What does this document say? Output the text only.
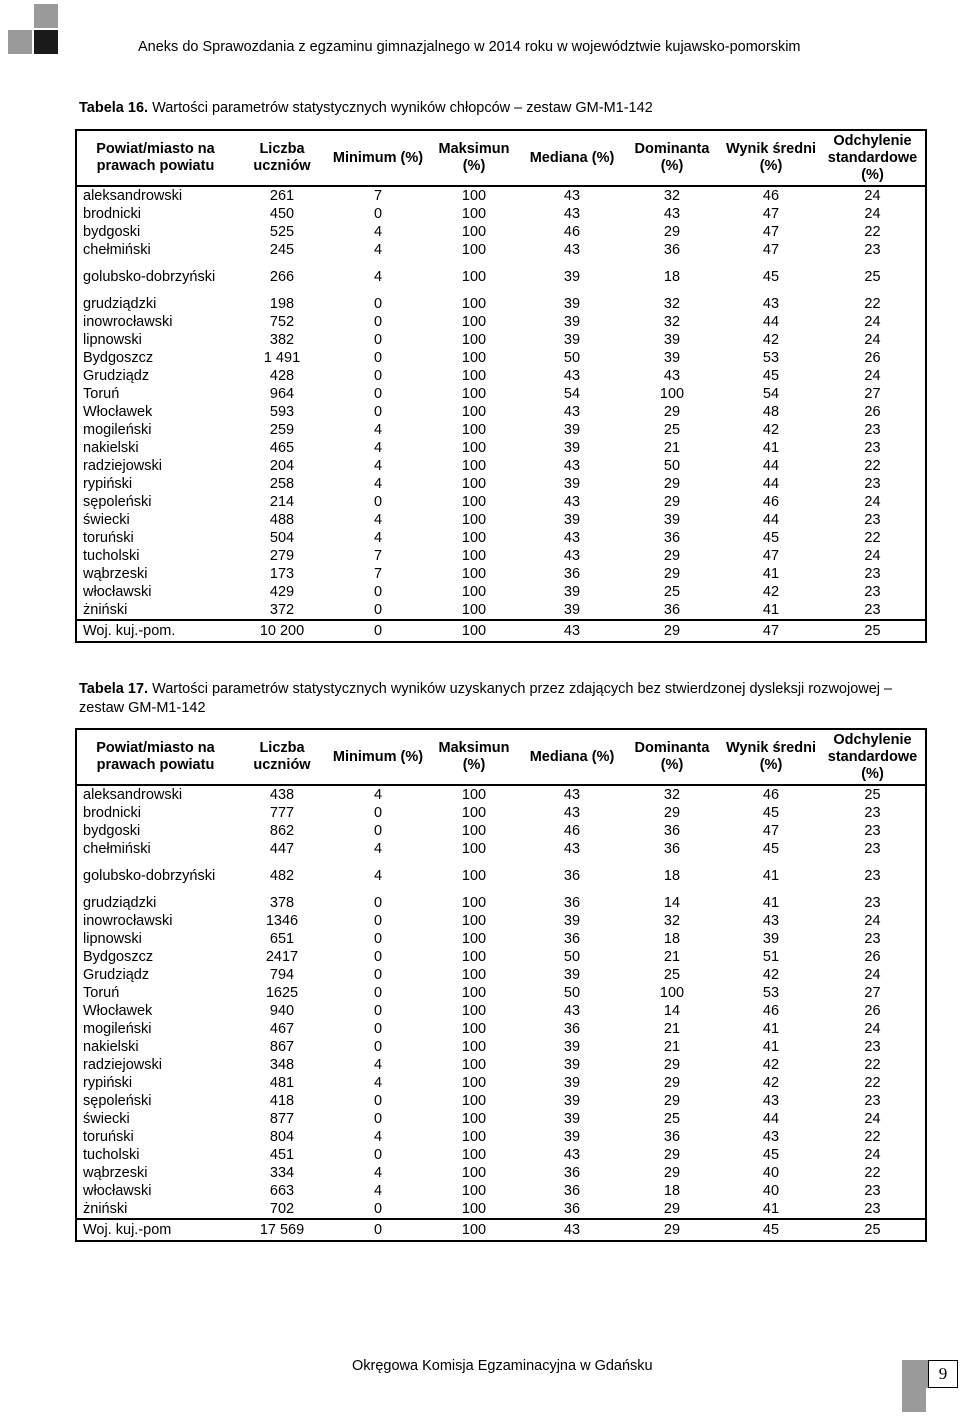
Aneks do Sprawozdania z egzaminu gimnazjalnego w 2014 roku w województwie kujawsko-pomorskim
Tabela 16. Wartości parametrów statystycznych wyników chłopców – zestaw GM-M1-142
Powiat/miasto na prawach powiatu	Liczba uczniów	Minimum (%)	Maksimun (%)	Mediana (%)	Dominanta (%)	Wynik średni (%)	Odchylenie standardowe (%)
aleksandrowski	261	7	100	43	32	46	24
brodnicki	450	0	100	43	43	47	24
bydgoski	525	4	100	46	29	47	22
chełmiński	245	4	100	43	36	47	23
golubsko-dobrzyński	266	4	100	39	18	45	25
grudziądzki	198	0	100	39	32	43	22
inowrocławski	752	0	100	39	32	44	24
lipnowski	382	0	100	39	39	42	24
Bydgoszcz	1 491	0	100	50	39	53	26
Grudziądz	428	0	100	43	43	45	24
Toruń	964	0	100	54	100	54	27
Włocławek	593	0	100	43	29	48	26
mogileński	259	4	100	39	25	42	23
nakielski	465	4	100	39	21	41	23
radziejowski	204	4	100	43	50	44	22
rypiński	258	4	100	39	29	44	23
sępoleński	214	0	100	43	29	46	24
świecki	488	4	100	39	39	44	23
toruński	504	4	100	43	36	45	22
tucholski	279	7	100	43	29	47	24
wąbrzeski	173	7	100	36	29	41	23
włocławski	429	0	100	39	25	42	23
żniński	372	0	100	39	36	41	23
Woj. kuj.-pom.	10 200	0	100	43	29	47	25
Tabela 17. Wartości parametrów statystycznych wyników uzyskanych przez zdających bez stwierdzonej dysleksji rozwojowej – zestaw GM-M1-142
Powiat/miasto na prawach powiatu	Liczba uczniów	Minimum (%)	Maksimun (%)	Mediana (%)	Dominanta (%)	Wynik średni (%)	Odchylenie standardowe (%)
aleksandrowski	438	4	100	43	32	46	25
brodnicki	777	0	100	43	29	45	23
bydgoski	862	0	100	46	36	47	23
chełmiński	447	4	100	43	36	45	23
golubsko-dobrzyński	482	4	100	36	18	41	23
grudziądzki	378	0	100	36	14	41	23
inowrocławski	1346	0	100	39	32	43	24
lipnowski	651	0	100	36	18	39	23
Bydgoszcz	2417	0	100	50	21	51	26
Grudziądz	794	0	100	39	25	42	24
Toruń	1625	0	100	50	100	53	27
Włocławek	940	0	100	43	14	46	26
mogileński	467	0	100	36	21	41	24
nakielski	867	0	100	39	21	41	23
radziejowski	348	4	100	39	29	42	22
rypiński	481	4	100	39	29	42	22
sępoleński	418	0	100	39	29	43	23
świecki	877	0	100	39	25	44	24
toruński	804	4	100	39	36	43	22
tucholski	451	0	100	43	29	45	24
wąbrzeski	334	4	100	36	29	40	22
włocławski	663	4	100	36	18	40	23
żniński	702	0	100	36	29	41	23
Woj. kuj.-pom	17 569	0	100	43	29	45	25
Okręgowa Komisja Egzaminacyjna w Gdańsku	9
